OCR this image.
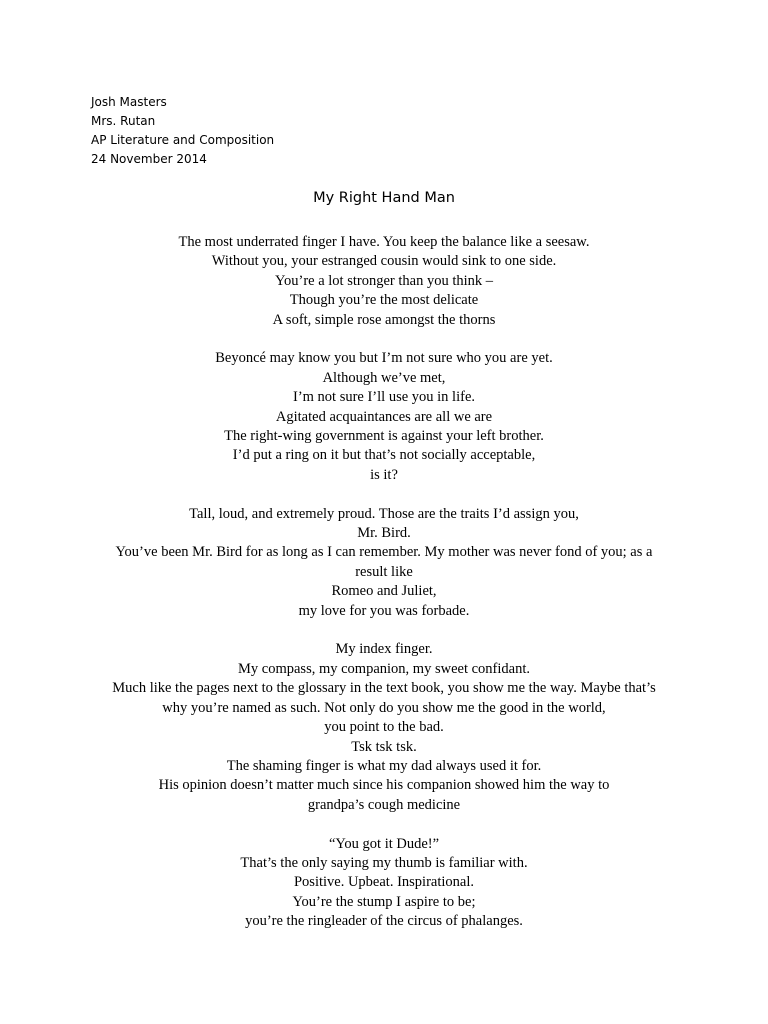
Josh Masters
Mrs. Rutan
AP Literature and Composition
24 November 2014
My Right Hand Man
The most underrated finger I have. You keep the balance like a seesaw.
Without you, your estranged cousin would sink to one side.
You’re a lot stronger than you think –
Though you’re the most delicate
A soft, simple rose amongst the thorns
Beyoncé may know you but I’m not sure who you are yet.
Although we’ve met,
I’m not sure I’ll use you in life.
Agitated acquaintances are all we are
The right-wing government is against your left brother.
I’d put a ring on it but that’s not socially acceptable,
is it?
Tall, loud, and extremely proud. Those are the traits I’d assign you,
Mr. Bird.
You’ve been Mr. Bird for as long as I can remember. My mother was never fond of you; as a
result like
Romeo and Juliet,
my love for you was forbade.
My index finger.
My compass, my companion, my sweet confidant.
Much like the pages next to the glossary in the text book, you show me the way. Maybe that’s
why you’re named as such. Not only do you show me the good in the world,
you point to the bad.
Tsk tsk tsk.
The shaming finger is what my dad always used it for.
His opinion doesn’t matter much since his companion showed him the way to
grandpa’s cough medicine
“You got it Dude!”
That’s the only saying my thumb is familiar with.
Positive. Upbeat. Inspirational.
You’re the stump I aspire to be;
you’re the ringleader of the circus of phalanges.
